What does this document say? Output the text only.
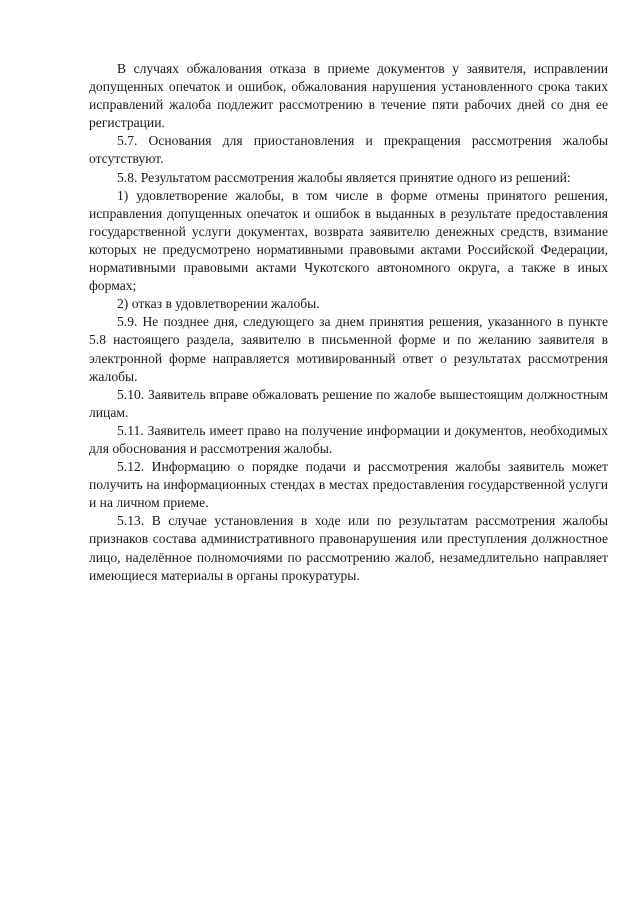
В случаях обжалования отказа в приеме документов у заявителя, исправлении допущенных опечаток и ошибок, обжалования нарушения установленного срока таких исправлений жалоба подлежит рассмотрению в течение пяти рабочих дней со дня ее регистрации.

5.7. Основания для приостановления и прекращения рассмотрения жалобы отсутствуют.

5.8. Результатом рассмотрения жалобы является принятие одного из решений:

1) удовлетворение жалобы, в том числе в форме отмены принятого решения, исправления допущенных опечаток и ошибок в выданных в результате предоставления государственной услуги документах, возврата заявителю денежных средств, взимание которых не предусмотрено нормативными правовыми актами Российской Федерации, нормативными правовыми актами Чукотского автономного округа, а также в иных формах;

2) отказ в удовлетворении жалобы.

5.9. Не позднее дня, следующего за днем принятия решения, указанного в пункте 5.8 настоящего раздела, заявителю в письменной форме и по желанию заявителя в электронной форме направляется мотивированный ответ о результатах рассмотрения жалобы.

5.10. Заявитель вправе обжаловать решение по жалобе вышестоящим должностным лицам.

5.11. Заявитель имеет право на получение информации и документов, необходимых для обоснования и рассмотрения жалобы.

5.12. Информацию о порядке подачи и рассмотрения жалобы заявитель может получить на информационных стендах в местах предоставления государственной услуги и на личном приеме.

5.13. В случае установления в ходе или по результатам рассмотрения жалобы признаков состава административного правонарушения или преступления должностное лицо, наделённое полномочиями по рассмотрению жалоб, незамедлительно направляет имеющиеся материалы в органы прокуратуры.
